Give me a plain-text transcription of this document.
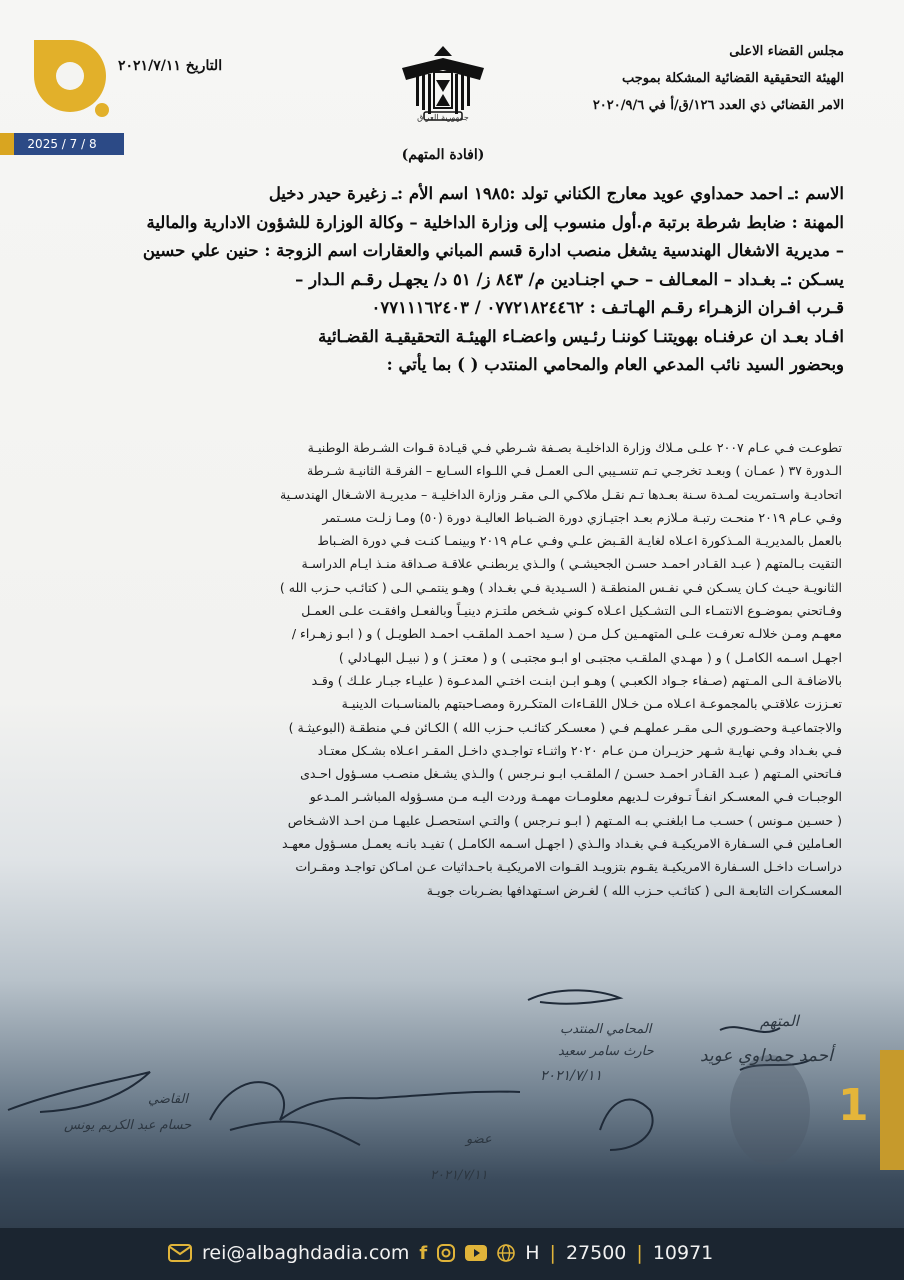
2025 / 7 / 8
مجلس القضاء الاعلى
الهيئة التحقيقية القضائية المشكلة بموجب
الامر القضائي ذي العدد ١٢٦/ق/أ في ٢٠٢٠/٩/٦
جمهورية العراق
التاريخ ٢٠٢١/٧/١١
(افادة المتهم)
الاسم :ـ احمد حمداوي عويد معارج الكناني تولد :١٩٨٥ اسم الأم :ـ زغيرة حيدر دخيل
المهنة : ضابط شرطة برتبة م.أول منسوب إلى وزارة الداخلية – وكالة الوزارة للشؤون الادارية والمالية
– مديرية الاشغال الهندسية يشغل منصب ادارة قسم المباني والعقارات اسم الزوجة : حنين علي حسين
يسـكن :ـ بغـداد – المعـالف – حـي اجنـادين م/ ٨٤٣ ز/ ٥١ د/ يجهـل رقـم الـدار –
قـرب افـران الزهـراء رقـم الهـاتـف : ٠٧٧٢١٨٢٤٤٦٢ / ٠٧٧١١١٦٢٤٠٣
افـاد بعـد ان عرفنـاه بهويتنـا كوننـا رئـيس واعضـاء الهيئـة التحقيقيـة القضـائية
وبحضور السيد نائب المدعي العام والمحامي المنتدب ( ) بما يأتي :
تطوعـت فـي عـام ٢٠٠٧ علـى مـلاك وزارة الداخليـة بصـفة شـرطي فـي قيـادة قـوات الشـرطة الوطنيـة
الـدورة ٣٧ ( عمـان ) وبعـد تخرجـي تـم تنسـيبي الـى العمـل فـي اللـواء السـابع – الفرقـة الثانيـة شـرطة
اتحاديـة واسـتمريت لمـدة سـنة بعـدها تـم نقـل ملاكـي الـى مقـر وزارة الداخليـة – مديريـة الاشـغال الهندسـية
وفـي عـام ٢٠١٩ منحـت رتبـة مـلازم بعـد اجتيـازي دورة الضـباط العاليـة دورة (٥٠) ومـا زلـت مسـتمر
بالعمل بالمديريـة المـذكورة اعـلاه لغايـة القـبض علـي وفـي عـام ٢٠١٩ وبينمـا كنـت فـي دورة الضـباط
التقيت بـالمتهم ( عبـد القـادر احمـد حسـن الجحيشـي ) والـذي يربطنـي علاقـة صـداقة منـذ ايـام الدراسـة
الثانويـة حيـث كـان يسـكن فـي نفـس المنطقـة ( السـيدية فـي بغـداد ) وهـو ينتمـي الـى ( كتائـب حـزب الله )
وفـاتحني بموضـوع الانتمـاء الـى التشـكيل اعـلاه كـوني شـخص ملتـزم دينيـاً وبالفعـل وافقـت علـى العمـل
معهـم ومـن خلالـه تعرفـت علـى المتهمـين كـل مـن ( سـيد احمـد الملقـب احمـد الطويـل ) و ( ابـو زهـراء /
اجهـل اسـمه الكامـل ) و ( مهـدي الملقـب مجتبـى او ابـو مجتبـى ) و ( معتـز ) و ( نبيـل البهـادلي )
بالاضافـة الـى المـتهم (صـفاء جـواد الكعبـي ) وهـو ابـن ابنـت اختـي المدعـوة ( عليـاء جبـار علـك ) وقـد
تعـززت علاقتـي بالمجموعـة اعـلاه مـن خـلال اللقـاءات المتكـررة ومصـاحبتهم بالمناسـبات الدينيـة
والاجتماعيـة وحضـوري الـى مقـر عملهـم فـي ( معسـكر كتائـب حـزب الله ) الكـائن فـي منطقـة (البوعيثـة )
فـي بغـداد وفـي نهايـة شـهر حزيـران مـن عـام ٢٠٢٠ واثنـاء تواجـدي داخـل المقـر اعـلاه بشـكل معتـاد
فـاتحني المـتهم ( عبـد القـادر احمـد حسـن / الملقـب ابـو نـرجس ) والـذي يشـغل منصـب مسـؤول احـدى
الوجبـات فـي المعسـكر انفـاً تـوفرت لـديهم معلومـات مهمـة وردت اليـه مـن مسـؤوله المباشـر المـدعو
( حسـين مـونس ) حسـب مـا ابلغنـي بـه المـتهم ( ابـو نـرجس ) والتـي استحصـل عليهـا مـن احـد الاشـخاص
العـاملين فـي السـفارة الامريكيـة فـي بغـداد والـذي ( اجهـل اسـمه الكامـل ) تفيـد بانـه يعمـل مسـؤول معهـد
دراسـات داخـل السـفارة الامريكيـة يقـوم بتزويـد القـوات الامريكيـة باحـداثيات عـن امـاكن تواجـد ومقـرات
المعسـكرات التابعـة الـى ( كتائـب حـزب الله ) لغـرض اسـتهدافها بضـربات جويـة
المتهم
أحمد حمداوي عويد
المحامي المنتدب
حارث سامر سعيد
٢٠٢١/٧/١١
القاضي
حسام عبد الكريم يونس
عضو
٢٠٢١/٧/١١
1
rei@albaghdadia.com f	H | 27500 | 10971
